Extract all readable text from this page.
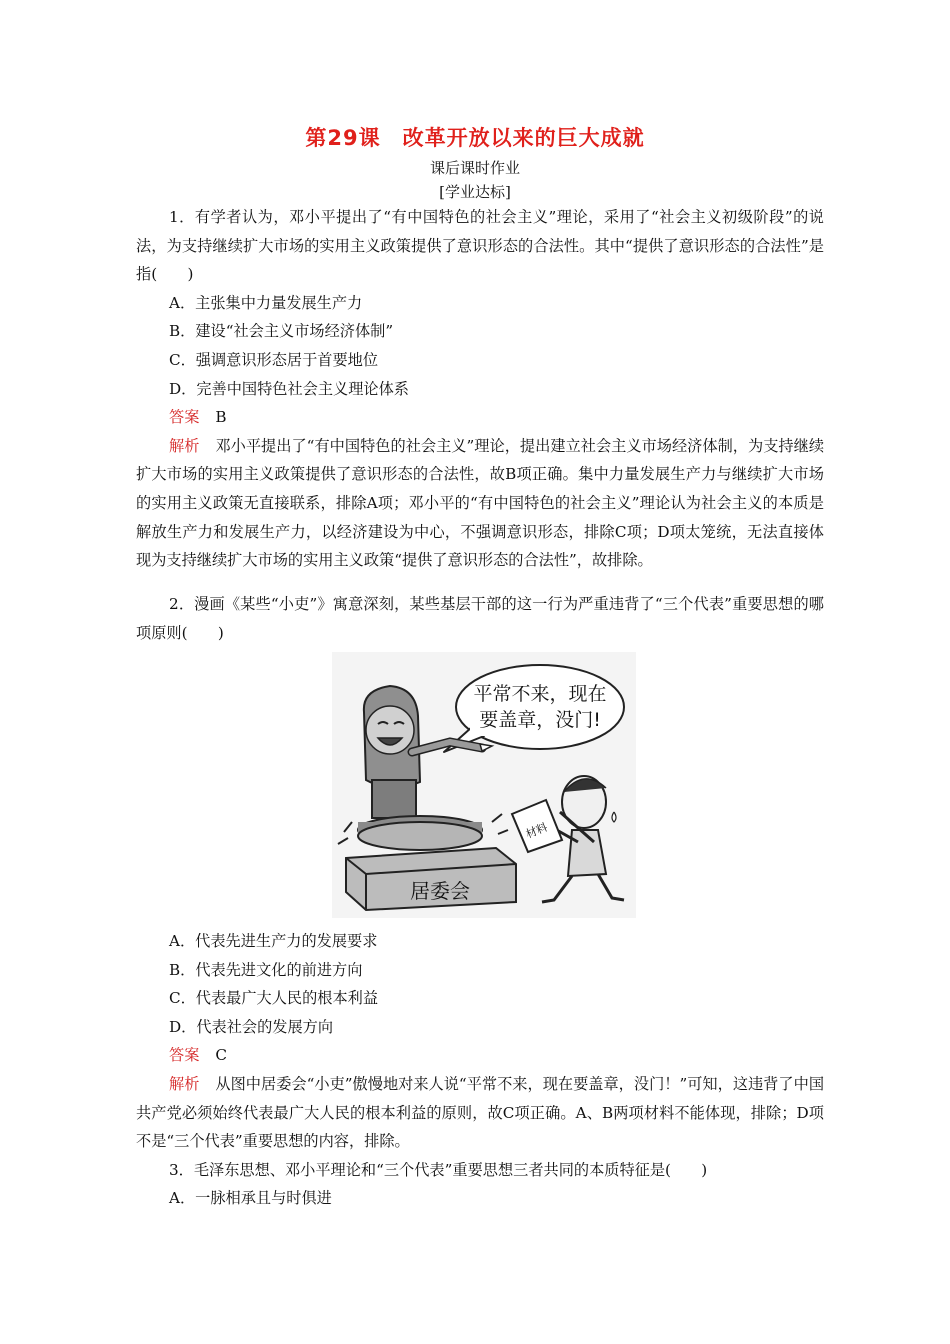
第29课　改革开放以来的巨大成就
课后课时作业
[学业达标]

1．有学者认为，邓小平提出了“有中国特色的社会主义”理论，采用了“社会主义初级阶段”的说法，为支持继续扩大市场的实用主义政策提供了意识形态的合法性。其中“提供了意识形态的合法性”是指(　　)

A．主张集中力量发展生产力

B．建设“社会主义市场经济体制”

C．强调意识形态居于首要地位

D．完善中国特色社会主义理论体系

答案 B

解析 邓小平提出了“有中国特色的社会主义”理论，提出建立社会主义市场经济体制，为支持继续扩大市场的实用主义政策提供了意识形态的合法性，故B项正确。集中力量发展生产力与继续扩大市场的实用主义政策无直接联系，排除A项；邓小平的“有中国特色的社会主义”理论认为社会主义的本质是解放生产力和发展生产力，以经济建设为中心，不强调意识形态，排除C项；D项太笼统，无法直接体现为支持继续扩大市场的实用主义政策“提供了意识形态的合法性”，故排除。

2．漫画《某些“小吏”》寓意深刻，某些基层干部的这一行为严重违背了“三个代表”重要思想的哪项原则(　　)

平常不来，现在
要盖章，没门!
居委会
材料

A．代表先进生产力的发展要求

B．代表先进文化的前进方向

C．代表最广大人民的根本利益

D．代表社会的发展方向

答案 C

解析 从图中居委会“小吏”傲慢地对来人说“平常不来，现在要盖章，没门！”可知，这违背了中国共产党必须始终代表最广大人民的根本利益的原则，故C项正确。A、B两项材料不能体现，排除；D项不是“三个代表”重要思想的内容，排除。

3．毛泽东思想、邓小平理论和“三个代表”重要思想三者共同的本质特征是(　　)

A．一脉相承且与时俱进
